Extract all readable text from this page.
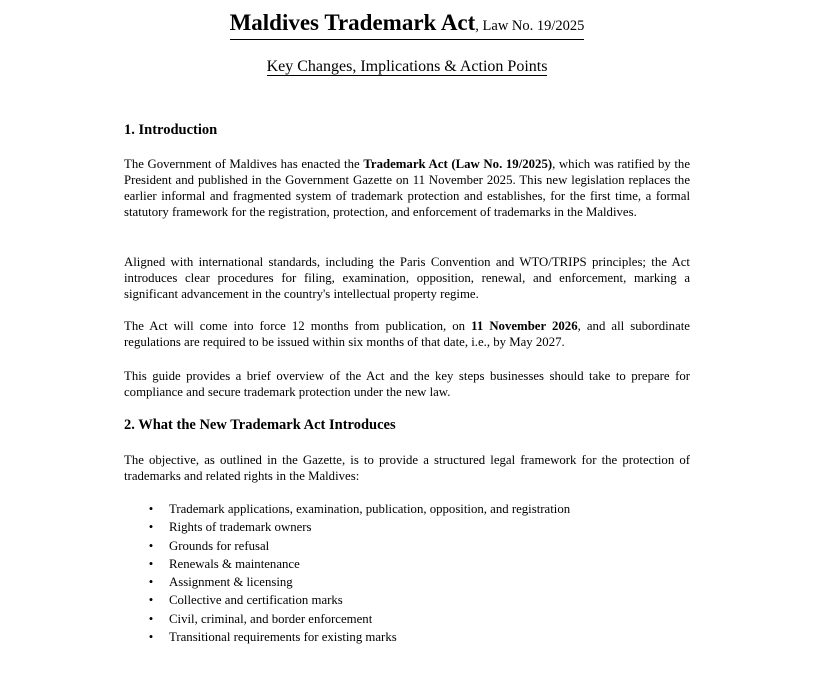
Maldives Trademark Act, Law No. 19/2025
Key Changes, Implications & Action Points
1. Introduction

The Government of Maldives has enacted the Trademark Act (Law No. 19/2025), which was ratified by the President and published in the Government Gazette on 11 November 2025. This new legislation replaces the earlier informal and fragmented system of trademark protection and establishes, for the first time, a formal statutory framework for the registration, protection, and enforcement of trademarks in the Maldives.

Aligned with international standards, including the Paris Convention and WTO/TRIPS principles; the Act introduces clear procedures for filing, examination, opposition, renewal, and enforcement, marking a significant advancement in the country's intellectual property regime.

The Act will come into force 12 months from publication, on 11 November 2026, and all subordinate regulations are required to be issued within six months of that date, i.e., by May 2027.

This guide provides a brief overview of the Act and the key steps businesses should take to prepare for compliance and secure trademark protection under the new law.

2. What the New Trademark Act Introduces

The objective, as outlined in the Gazette, is to provide a structured legal framework for the protection of trademarks and related rights in the Maldives:

• Trademark applications, examination, publication, opposition, and registration
• Rights of trademark owners
• Grounds for refusal
• Renewals & maintenance
• Assignment & licensing
• Collective and certification marks
• Civil, criminal, and border enforcement
• Transitional requirements for existing marks
